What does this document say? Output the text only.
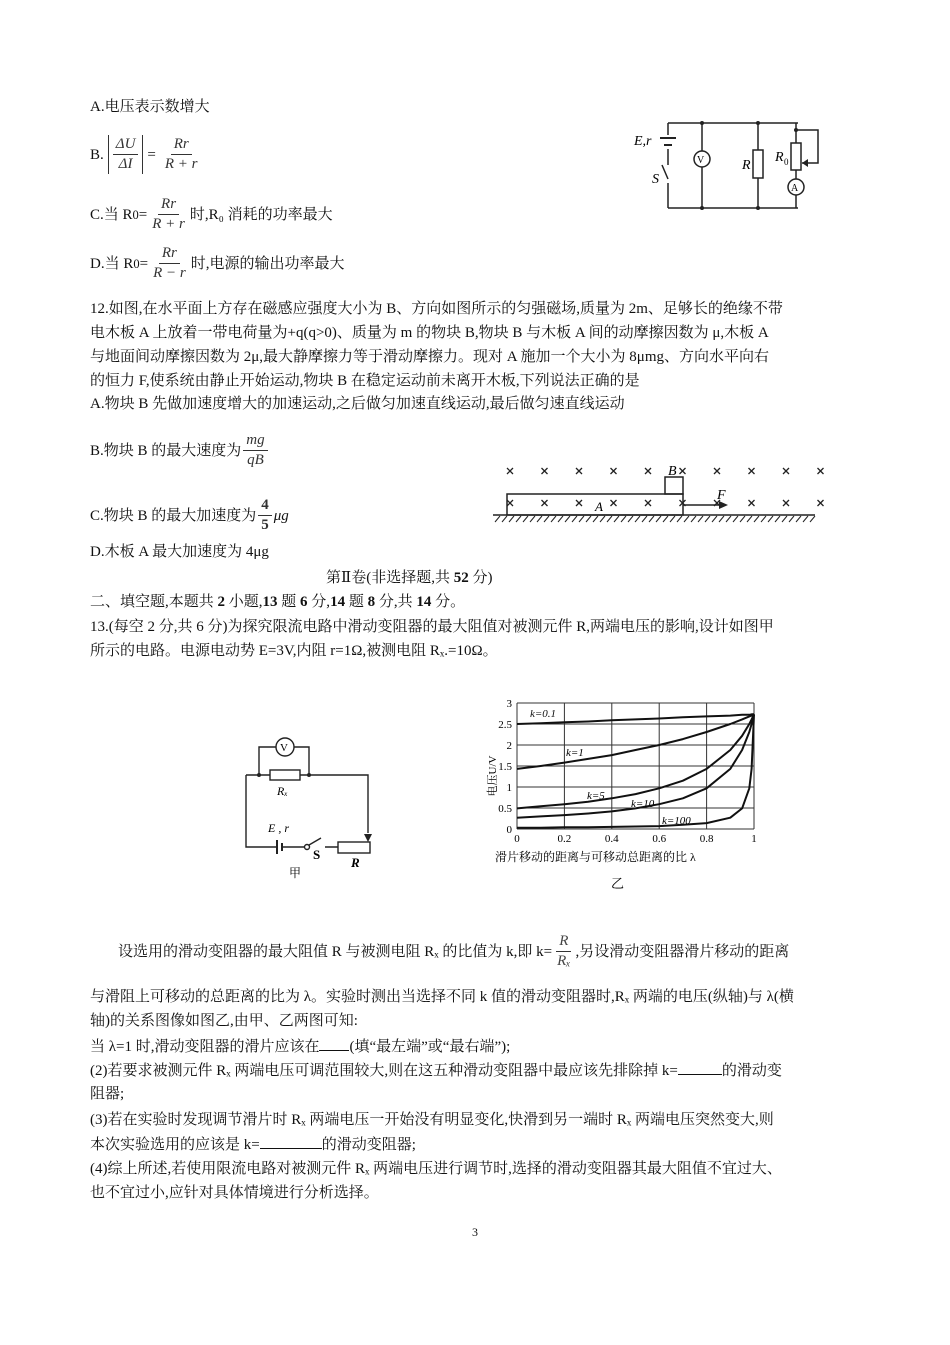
A.电压表示数增大
B. $\frac{\Delta U}{\Delta I} = \frac{Rr}{R + r}$
C.当 R $0 = \frac{Rr}{R + r}$ 时,R₀ 消耗的功率最大
D.当 R $0 = \frac{Rr}{R - r}$ 时,电源的输出功率最大
E,r
S
V	R
R 0
A
12.如图,在水平面上方存在磁感应强度大小为 B、方向如图所示的匀强磁场,质量为 2m、足够长的绝缘不带
电木板 A 上放着一带电荷量为+q(q>0)、质量为 m 的物块 B,物块 B 与木板 A 间的动摩擦因数为 μ,木板 A
与地面间动摩擦因数为 2μ,最大静摩擦力等于滑动摩擦力。现对 A 施加一个大小为 8μmg、方向水平向右
的恒力 F,使系统由静止开始运动,物块 B 在稳定运动前未离开木板,下列说法正确的是
A.物块 B 先做加速度增大的加速运动,之后做匀加速直线运动,最后做匀速直线运动
B.物块 B 的最大速度为 $\frac{mg}{qB}$
C.物块 B 的最大加速度为 $\frac{4}{5}$ μg
D.木板 A 最大加速度为 4μg
B
A
F
第Ⅱ卷(非选择题,共 52 分)
二、填空题,本题共 2 小题,13 题 6 分,14 题 8 分,共 14 分。
13.(每空 2 分,共 6 分)为探究限流电路中滑动变阻器的最大阻值对被测元件 R,两端电压的影响,设计如图甲
所示的电路。电源电动势 E=3V,内阻 r=1Ω,被测电阻 Rₓ.=10Ω。
V
Rₓ
E , r
S
R
甲
0	0.2	0.4	0.6	0.8	1
0
0.5
1
1.5
2
2.5
3
电压U/V
滑片移动的距离与可移动总距离的比 λ
乙
k=0.1
k=1
k=5
k=10
k=100
设选用的滑动变阻器的最大阻值 R 与被测电阻 Rₓ 的比值为 k,即 $k= \frac{R}{\text{Rₓ}}$ ,另设滑动变阻器滑片移动的距离
与滑阻上可移动的总距离的比为 λ。实验时测出当选择不同 k 值的滑动变阻器时,Rₓ 两端的电压(纵轴)与 λ(横
轴)的关系图像如图乙,由甲、乙两图可知:
当 λ=1 时,滑动变阻器的滑片应该在 (填“最左端”或“最右端”);
(2)若要求被测元件 Rₓ 两端电压可调范围较大,则在这五种滑动变阻器中最应该先排除掉 k=	的滑动变
阻器;
(3)若在实验时发现调节滑片时 Rₓ 两端电压一开始没有明显变化,快滑到另一端时 Rₓ 两端电压突然变大,则
本次实验选用的应该是 k=	的滑动变阻器;
(4)综上所述,若使用限流电路对被测元件 Rₓ 两端电压进行调节时,选择的滑动变阻器其最大阻值不宜过大、
也不宜过小,应针对具体情境进行分析选择。
3
